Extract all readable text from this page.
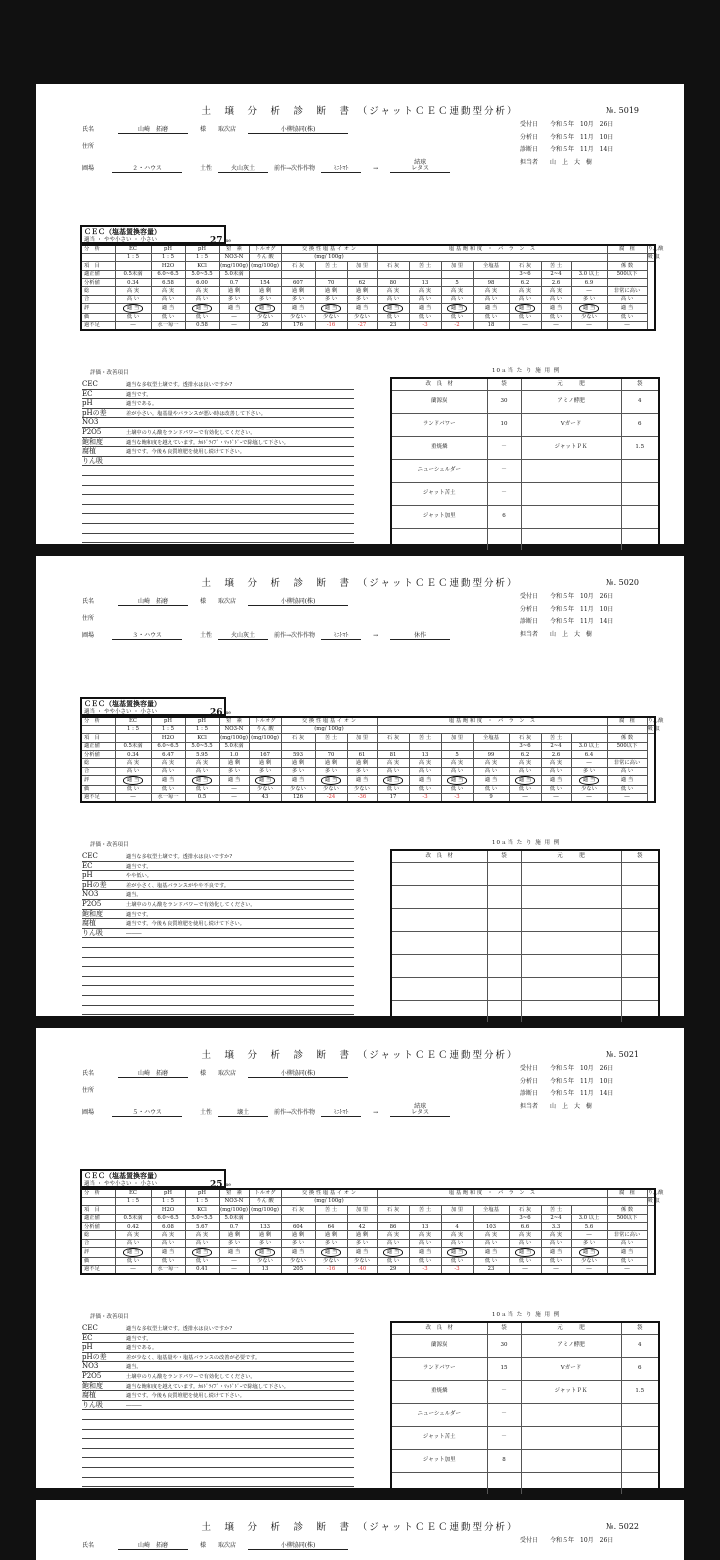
土　壌　分　析　診　断　書　（ジャットＣＥＣ連動型分析）	№. 5019
受付日　　令和５年　10月　26日
分析日　　令和５年　11月　10日
診断日　　令和５年　11月　14日
担当者　　山　上　大　樹
氏名　　　　	山崎　拓磨	　　様　　取次店　　	小柳協同(株)
住所
圃場　　　	２・ハウス	　　　土性　火山灰土　前作→次作作物　ﾐﾆﾄﾏﾄ　　→　　結球
レタス
ＣＥＣ（塩基置換容量）
適当 ・ やや小さい ・ 小さい	27 me
分　析	EC	pH	pH	窒　素	トルオグ	交 換 性 塩 基 イ オ ン			塩 基 飽 和 度　・　バ　ラ　ン　ス							腐　植	りん酸
	1 : 5	1 : 5	1 : 5	NO3-N	りん 酸	(mg/ 100g)											吸 収
項　目		H2O	KCl	(mg/100g)	(mg/100g)	石 灰	苦 土	加 里	石 灰	苦 土	加 里	全塩基	石 灰	苦 土		係 数	
適正値	0.5未満	6.0~6.5	5.0~5.5	5.0未満									3~6	2~4	3.0 以上	500以下	
分析値	0.34	6.58	6.00	0.7	154	607	70	62	80	13	5	98	6.2	2.6	6.9		
総	高 実	高 実	高 実	過 剰	過 剰	過 剰	過 剰	過 剰	高 実	高 実	高 実	高 実	高 実	高 実	―	非常に高い	
合	高 い	高 い	高 い	多 い	多 い	多 い	多 い	多 い	高 い	高 い	高 い	高 い	高 い	高 い	多 い	高 い	
評	適 当	適 当	適 当	適 当	適 当	適 当	適 当	適 当	適 当	適 当	適 当	適 当	適 当	適 当	適 当	適 当	
価	低 い	低 い	低 い	―	少ない	少ない	少ない	少ない	低 い	低 い	低 い	低 い	低 い	低 い	少ない	低 い	
過不足	―	水一毎一	0.58	―	26	176	-16	-27	23	-3	-2	18	―	―	―	―	
評価・改善項目
CEC	適当な多収型土壌です。透排水は良いですか?
EC	適当です。
pH	適当である。
pHの差	差が小さい。塩基量やバランスが悪い時は改善して下さい。
NO3
P2O5	土壌中のりん酸をランドパワーで有効化してください。
飽和度	適当な飽和度を越えています。ｶﾙﾄﾞﾗｲﾌﾞ・ﾏｯﾄﾞﾄﾞｰで除塩して下さい。
腐植	適当です。今後も良質堆肥を使用し続けて下さい。
りん吸
10ａ当 た り 施 用 例
改　良　材	袋	元　　　肥	袋
蘭源炭	30	アミノ酵肥	4
ランドパワー	10	Vガード	6
重焼燐	－	ジャットＰＫ	1.5
ニューシェルダー	－		
ジャット苦土	－		
ジャット加里	6		

土　壌　分　析　診　断　書　（ジャットＣＥＣ連動型分析）	№. 5020
受付日　　令和５年　10月　26日
分析日　　令和５年　11月　10日
診断日　　令和５年　11月　14日
担当者　　山　上　大　樹
氏名　　　　	山崎　拓磨	　　様　　取次店　　	小柳協同(株)
住所
圃場　　　	３・ハウス	　　　土性　火山灰土　前作→次作作物　ﾐﾆﾄﾏﾄ　　→　　	休作
ＣＥＣ（塩基置換容量）
適当 ・ やや小さい ・ 小さい	26 me
分　析	EC	pH	pH	窒　素	トルオグ	交 換 性 塩 基 イ オ ン			塩 基 飽 和 度　・　バ　ラ　ン　ス							腐　植	りん酸
	1 : 5	1 : 5	1 : 5	NO3-N	りん 酸	(mg/ 100g)											吸 収
項　目		H2O	KCl	(mg/100g)	(mg/100g)	石 灰	苦 土	加 里	石 灰	苦 土	加 里	全塩基	石 灰	苦 土		係 数	
適正値	0.5未満	6.0~6.5	5.0~5.5	5.0未満									3~6	2~4	3.0 以上	500以下	
分析値	0.34	6.47	5.95	1.0	167	593	70	61	81	13	5	99	6.2	2.6	6.4		
総	高 実	高 実	高 実	過 剰	過 剰	過 剰	過 剰	過 剰	高 実	高 実	高 実	高 実	高 実	高 実	―	非常に高い	
合	高 い	高 い	高 い	多 い	多 い	多 い	多 い	多 い	高 い	高 い	高 い	高 い	高 い	高 い	多 い	高 い	
評	適 当	適 当	適 当	適 当	適 当	適 当	適 当	適 当	適 当	適 当	適 当	適 当	適 当	適 当	適 当	適 当	
価	低 い	低 い	低 い	―	少ない	少ない	少ない	少ない	低 い	低 い	低 い	低 い	低 い	低 い	少ない	低 い	
過不足	―	水一毎一	0.5	―	43	126	-24	-36	17	-3	-3	9	―	―	―	―	
評価・改善項目
CEC	適当な多収型土壌です。透排水は良いですか?
EC	適当です。
pH	やや低い。
pHの差	差が小さく、塩基バランスがやや不良です。
NO3	適当。
P2O5	土壌中のりん酸をランドパワーで有効化してください。
飽和度	適当です。
腐植	適当です。今後も良質堆肥を使用し続けて下さい。
りん吸	―――
10ａ当 た り 施 用 例
改　良　材	袋	元　　　肥	袋

土　壌　分　析　診　断　書　（ジャットＣＥＣ連動型分析）	№. 5021
受付日　　令和５年　10月　26日
分析日　　令和５年　11月　10日
診断日　　令和５年　11月　14日
担当者　　山　上　大　樹
氏名　　　　	山崎　拓磨	　　様　　取次店　　	小柳協同(株)
住所
圃場　　　	５・ハウス	　　　土性　	壌土	　前作→次作作物　ﾐﾆﾄﾏﾄ　　→　　結球
レタス
ＣＥＣ（塩基置換容量）
適当 ・ やや小さい ・ 小さい	25 me
分　析	EC	pH	pH	窒　素	トルオグ	交 換 性 塩 基 イ オ ン			塩 基 飽 和 度　・　バ　ラ　ン　ス							腐　植	りん酸
	1 : 5	1 : 5	1 : 5	NO3-N	りん 酸	(mg/ 100g)											吸 収
項　目		H2O	KCl	(mg/100g)	(mg/100g)	石 灰	苦 土	加 里	石 灰	苦 土	加 里	全塩基	石 灰	苦 土		係 数	
適正値	0.5未満	6.0~6.5	5.0~5.5	5.0未満									3~6	2~4	3.0 以上	500以下	
分析値	0.42	6.08	5.67	0.7	133	604	64	42	86	13	4	103	6.6	3.3	5.6		
総	高 実	高 実	高 実	過 剰	過 剰	過 剰	過 剰	過 剰	高 実	高 実	高 実	高 実	高 実	高 実	―	非常に高い	
合	高 い	高 い	高 い	多 い	多 い	多 い	多 い	多 い	高 い	高 い	高 い	高 い	高 い	高 い	多 い	高 い	
評	適 当	適 当	適 当	適 当	適 当	適 当	適 当	適 当	適 当	適 当	適 当	適 当	適 当	適 当	適 当	適 当	
価	低 い	低 い	低 い	―	少ない	少ない	少ない	少ない	低 い	低 い	低 い	低 い	低 い	低 い	少ない	低 い	
過不足	―	水一毎一	0.41	―	13	205	-16	-40	29	-3	-3	23	―	―	―	―	
評価・改善項目
CEC	適当な多収型土壌です。透排水は良いですか?
EC	適当です。
pH	適当である。
pHの差	差が少なく、塩基量や・塩基バランスの改善が必要です。
NO3	適当。
P2O5	土壌中のりん酸をランドパワーで有効化してください。
飽和度	適当な飽和度を越えています。ｶﾙﾄﾞﾗｲﾌﾞ・ﾏｯﾄﾞﾄﾞｰで除塩して下さい。
腐植	適当です。今後も良質堆肥を使用し続けて下さい。
りん吸	―――
10ａ当 た り 施 用 例
改　良　材	袋	元　　　肥	袋
蘭源炭	30	アミノ酵肥	4
ランドパワー	15	Vガード	6
重焼燐	－	ジャットＰＫ	1.5
ニューシェルダー	－		
ジャット苦土	－		
ジャット加里	8		

土　壌　分　析　診　断　書　（ジャットＣＥＣ連動型分析）	№. 5022
受付日　　令和５年　10月　26日
氏名　　　　	山崎　拓磨	　　様　　取次店　　	小柳協同(株)
